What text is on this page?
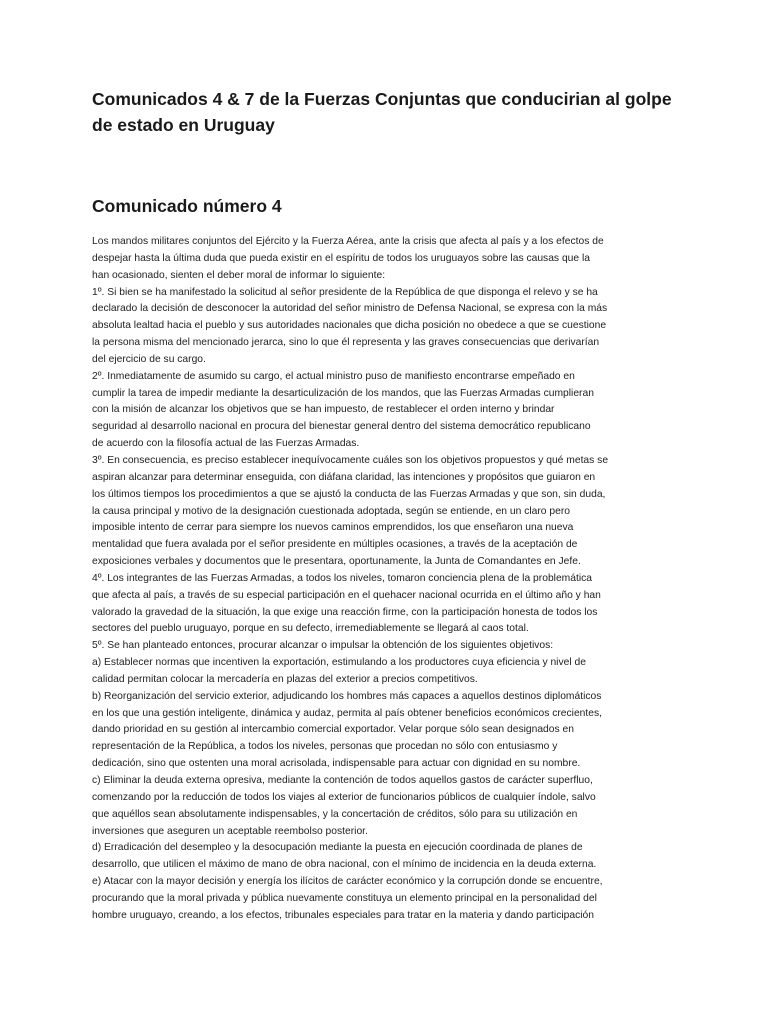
Comunicados 4 & 7 de la Fuerzas Conjuntas que conducirian al golpe de estado en Uruguay
Comunicado número 4
Los mandos militares conjuntos del Ejército y la Fuerza Aérea, ante la crisis que afecta al país y a los efectos de
despejar hasta la última duda que pueda existir en el espíritu de todos los uruguayos sobre las causas que la
han ocasionado, sienten el deber moral de informar lo siguiente:
1º. Si bien se ha manifestado la solicitud al señor presidente de la República de que disponga el relevo y se ha
declarado la decisión de desconocer la autoridad del señor ministro de Defensa Nacional, se expresa con la más
absoluta lealtad hacia el pueblo y sus autoridades nacionales que dicha posición no obedece a que se cuestione
la persona misma del mencionado jerarca, sino lo que él representa y las graves consecuencias que derivarían
del ejercicio de su cargo.
2º. Inmediatamente de asumido su cargo, el actual ministro puso de manifiesto encontrarse empeñado en
cumplir la tarea de impedir mediante la desarticulización de los mandos, que las Fuerzas Armadas cumplieran
con la misión de alcanzar los objetivos que se han impuesto, de restablecer el orden interno y brindar
seguridad al desarrollo nacional en procura del bienestar general dentro del sistema democrático republicano
de acuerdo con la filosofía actual de las Fuerzas Armadas.
3º. En consecuencia, es preciso establecer inequívocamente cuáles son los objetivos propuestos y qué metas se
aspiran alcanzar para determinar enseguida, con diáfana claridad, las intenciones y propósitos que guiaron en
los últimos tiempos los procedimientos a que se ajustó la conducta de las Fuerzas Armadas y que son, sin duda,
la causa principal y motivo de la designación cuestionada adoptada, según se entiende, en un claro pero
imposible intento de cerrar para siempre los nuevos caminos emprendidos, los que enseñaron una nueva
mentalidad que fuera avalada por el señor presidente en múltiples ocasiones, a través de la aceptación de
exposiciones verbales y documentos que le presentara, oportunamente, la Junta de Comandantes en Jefe.
4º. Los integrantes de las Fuerzas Armadas, a todos los niveles, tomaron conciencia plena de la problemática
que afecta al país, a través de su especial participación en el quehacer nacional ocurrida en el último año y han
valorado la gravedad de la situación, la que exige una reacción firme, con la participación honesta de todos los
sectores del pueblo uruguayo, porque en su defecto, irremediablemente se llegará al caos total.
5º. Se han planteado entonces, procurar alcanzar o impulsar la obtención de los siguientes objetivos:
a) Establecer normas que incentiven la exportación, estimulando a los productores cuya eficiencia y nivel de
calidad permitan colocar la mercadería en plazas del exterior a precios competitivos.
b) Reorganización del servicio exterior, adjudicando los hombres más capaces a aquellos destinos diplomáticos
en los que una gestión inteligente, dinámica y audaz, permita al país obtener beneficios económicos crecientes,
dando prioridad en su gestión al intercambio comercial exportador. Velar porque sólo sean designados en
representación de la República, a todos los niveles, personas que procedan no sólo con entusiasmo y
dedicación, sino que ostenten una moral acrisolada, indispensable para actuar con dignidad en su nombre.
c) Eliminar la deuda externa opresiva, mediante la contención de todos aquellos gastos de carácter superfluo,
comenzando por la reducción de todos los viajes al exterior de funcionarios públicos de cualquier índole, salvo
que aquéllos sean absolutamente indispensables, y la concertación de créditos, sólo para su utilización en
inversiones que aseguren un aceptable reembolso posterior.
d) Erradicación del desempleo y la desocupación mediante la puesta en ejecución coordinada de planes de
desarrollo, que utilicen el máximo de mano de obra nacional, con el mínimo de incidencia en la deuda externa.
e) Atacar con la mayor decisión y energía los ilícitos de carácter económico y la corrupción donde se encuentre,
procurando que la moral privada y pública nuevamente constituya un elemento principal en la personalidad del
hombre uruguayo, creando, a los efectos, tribunales especiales para tratar en la materia y dando participación
